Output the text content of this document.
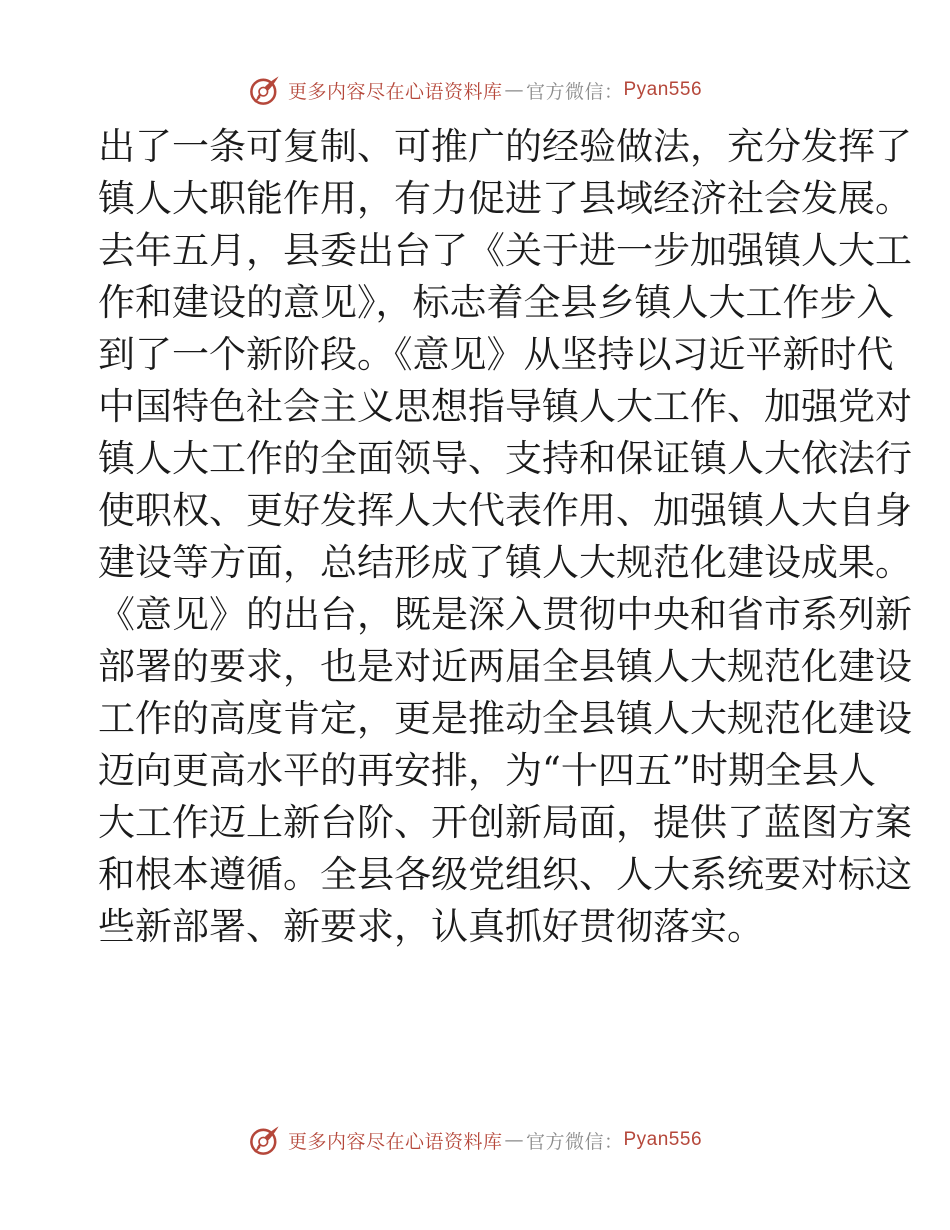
更多内容尽在心语资料库 — 官方微信： Pyan556
出了一条可复制、可推广的经验做法，充分发挥了
镇人大职能作用，有力促进了县域经济社会发展。
去年五月，县委出台了《关于进一步加强镇人大工
作和建设的意见》，标志着全县乡镇人大工作步入
到了一个新阶段。《意见》从坚持以习近平新时代
中国特色社会主义思想指导镇人大工作、加强党对
镇人大工作的全面领导、支持和保证镇人大依法行
使职权、更好发挥人大代表作用、加强镇人大自身
建设等方面，总结形成了镇人大规范化建设成果。
《意见》的出台，既是深入贯彻中央和省市系列新
部署的要求，也是对近两届全县镇人大规范化建设
工作的高度肯定，更是推动全县镇人大规范化建设
迈向更高水平的再安排，为“十四五”时期全县人
大工作迈上新台阶、开创新局面，提供了蓝图方案
和根本遵循。全县各级党组织、人大系统要对标这
些新部署、新要求，认真抓好贯彻落实。
更多内容尽在心语资料库 — 官方微信： Pyan556
